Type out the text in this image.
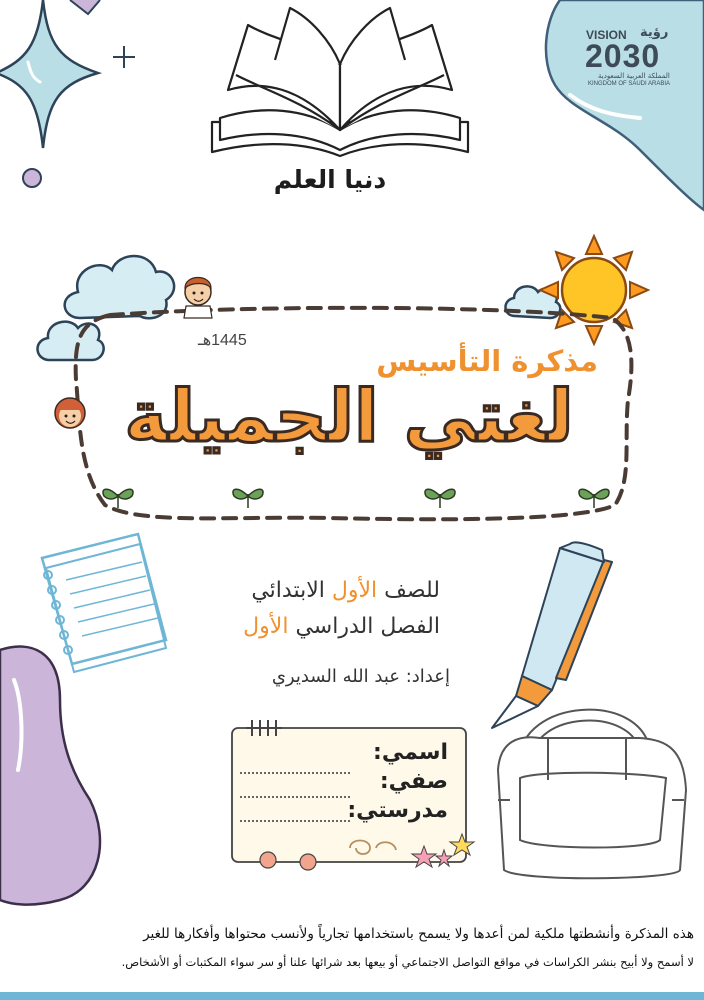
رؤية
VISION
2030
المملكة العربية السعودية
KINGDOM OF SAUDI ARABIA
دنيا العلم
1445هـ
مذكرة التأسيس
لغتي الجميلة
للصف الأول الابتدائي
الفصل الدراسي الأول
إعداد: عبد الله السديري
اسمي:
صفي:
مدرستي:
هذه المذكرة وأنشطتها ملكية لمن أعدها ولا يسمح باستخدامها تجارياً ولأنسب محتواها وأفكارها للغير
لا أسمح ولا أبيح بنشر الكراسات في مواقع التواصل الاجتماعي أو بيعها بعد شرائها علنا أو سر سواء المكتبات أو الأشخاص.
